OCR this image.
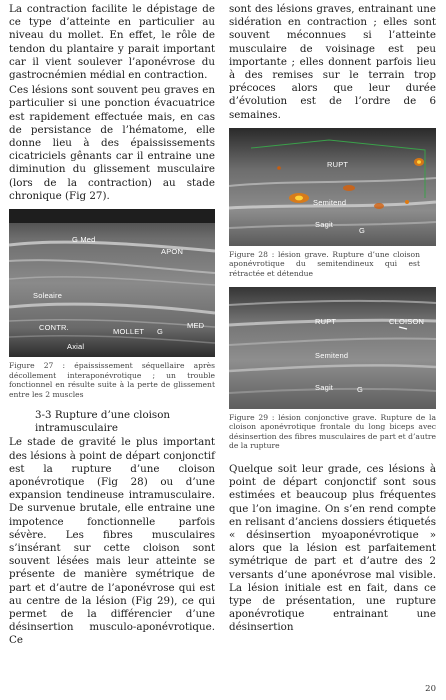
La contraction facilite le dépistage de ce type d’atteinte en particulier au niveau du mollet. En effet, le rôle de tendon du plantaire y parait important car il vient soulever l’aponévrose du gastrocnémien médial en contraction.

Ces lésions sont souvent peu graves en particulier si une ponction évacuatrice est rapidement effectuée mais, en cas de persistance de l’hématome, elle donne lieu à des épaississements cicatriciels gênants car il entraine une diminution du glissement musculaire (lors de la contraction) au stade chronique (Fig 27).

G Med
APON
Soleaire
CONTR.	MOLLET G
MED
Axial

Figure 27 : épaississement séquellaire après décollement interaponévrotique ; un trouble fonctionnel en résulte suite à la perte de glissement entre les 2 muscles

3-3 Rupture d’une cloison intramusculaire

Le stade de gravité le plus important des lésions à point de départ conjonctif est la rupture d’une cloison aponévrotique (Fig 28) ou d’une expansion tendineuse intramusculaire. De survenue brutale, elle entraine une impotence fonctionnelle parfois sévère. Les fibres musculaires s’insérant sur cette cloison sont souvent lésées mais leur atteinte se présente de manière symétrique de part et d’autre de l’aponévrose qui est au centre de la lésion (Fig 29), ce qui permet de la différencier d’une désinsertion musculo-aponévrotique. Ce

sont des lésions graves, entrainant une sidération en contraction ; elles sont souvent méconnues si l’atteinte musculaire de voisinage est peu importante ; elles donnent parfois lieu à des remises sur le terrain trop précoces alors que leur durée d’évolution est de l’ordre de 6 semaines.

RUPT
Semitend
Sagit
G

Figure 28 : lésion grave. Rupture d’une cloison aponévrotique du semitendineux qui est rétractée et détendue

RUPT	CLOISON
Semitend
Sagit	G

Figure 29 : lésion conjonctive grave. Rupture de la cloison aponévrotique frontale du long biceps avec désinsertion des fibres musculaires de part et d’autre de la rupture

Quelque soit leur grade, ces lésions à point de départ conjonctif sont sous estimées et beaucoup plus fréquentes que l’on imagine. On s’en rend compte en relisant d’anciens dossiers étiquetés « désinsertion myoaponévrotique » alors que la lésion est parfaitement symétrique de part et d’autre des 2 versants d’une aponévrose mal visible. La lésion initiale est en fait, dans ce type de présentation, une rupture aponévrotique entrainant une désinsertion

20
